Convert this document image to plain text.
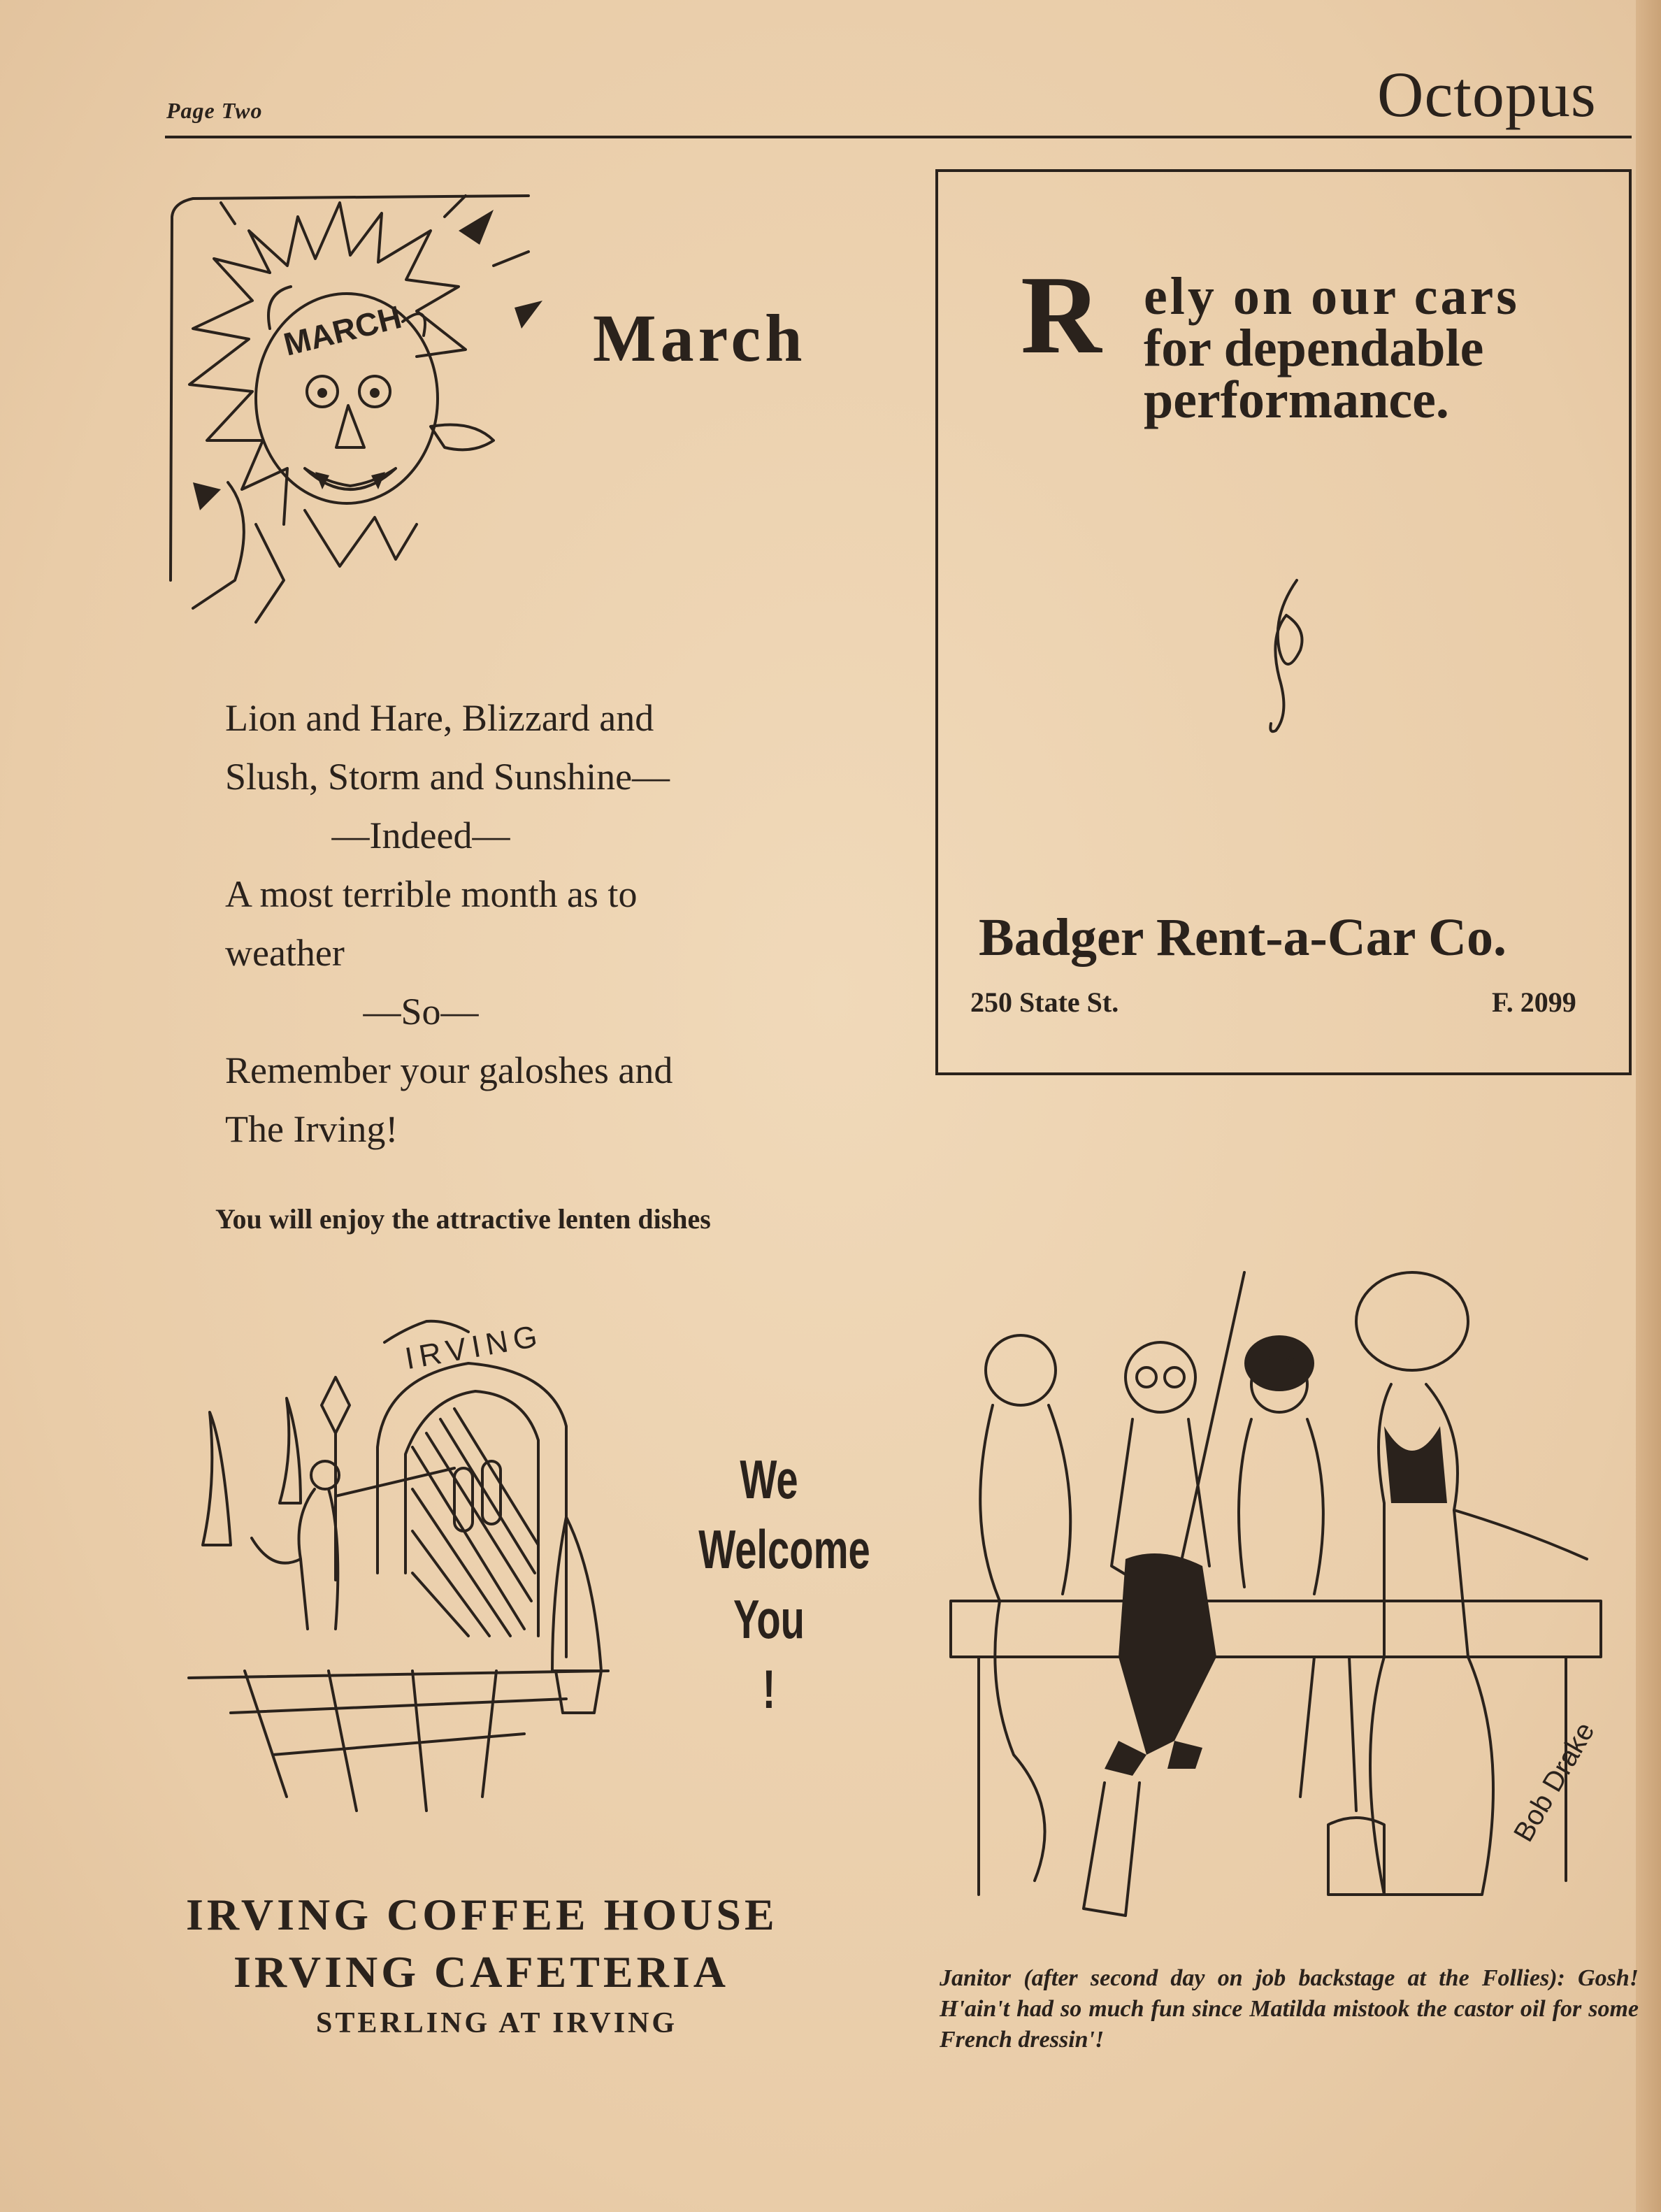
Page Two	Octopus
MARCH	March
Lion and Hare, Blizzard and
Slush, Storm and Sunshine—
—Indeed—
A most terrible month as to
weather
—So—
Remember your galoshes and
The Irving!
You will enjoy the attractive lenten dishes
R ely on our cars
for dependable
performance.
Badger Rent-a-Car Co.
250 State St.	F. 2099
IRVING
We
Welcome
You
!
IRVING COFFEE HOUSE
IRVING CAFETERIA
STERLING AT IRVING
Bob Drake
Janitor (after second day on job backstage at the Follies): Gosh! H'ain't had so much fun since Matilda mistook the castor oil for some French dressin'!
